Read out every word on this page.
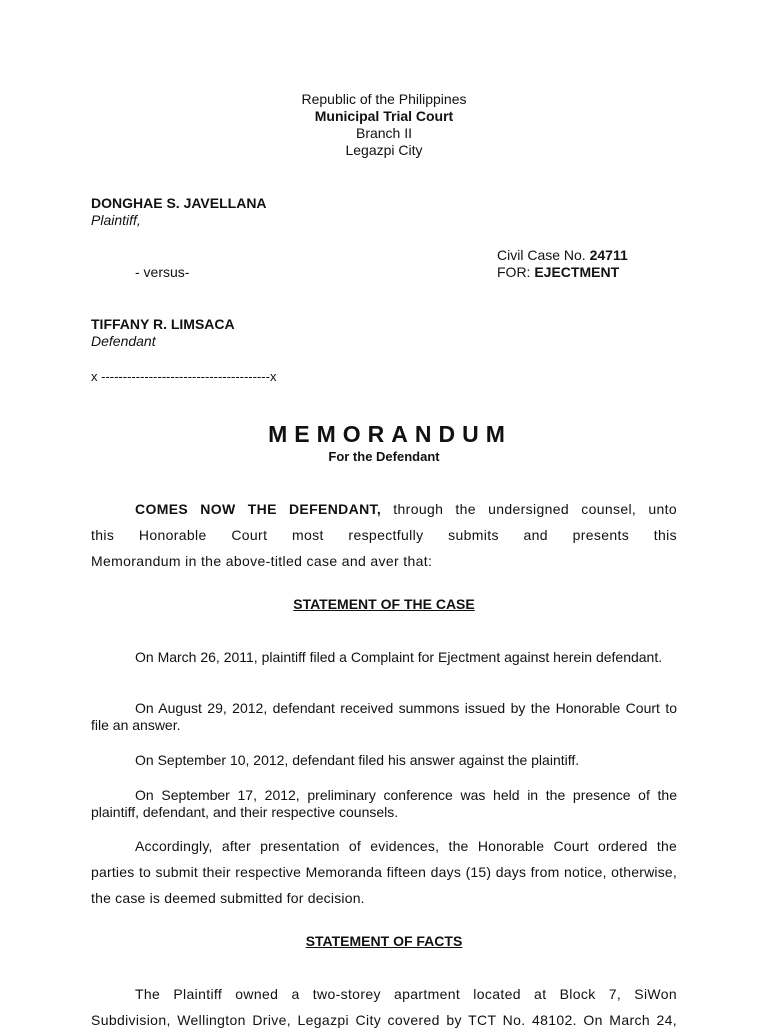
Republic of the Philippines
Municipal Trial Court
Branch II
Legazpi City
DONGHAE S. JAVELLANA
Plaintiff,
Civil Case No. 24711
- versus-	FOR: EJECTMENT
TIFFANY R. LIMSACA
Defendant
x ---------------------------------------x
MEMORANDUM
For the Defendant
COMES NOW THE DEFENDANT, through the undersigned counsel, unto
this Honorable Court most respectfully submits and presents this
Memorandum in the above-titled case and aver that:
STATEMENT OF THE CASE
On March 26, 2011, plaintiff filed a Complaint for Ejectment against herein defendant.
On August 29, 2012, defendant received summons issued by the Honorable Court to file an answer.
On September 10, 2012, defendant filed his answer against the plaintiff.
On September 17, 2012, preliminary conference was held in the presence of the plaintiff, defendant, and their respective counsels.
Accordingly, after presentation of evidences, the Honorable Court ordered the parties to submit their respective Memoranda fifteen days (15) days from notice, otherwise, the case is deemed submitted for decision.
STATEMENT OF FACTS
The Plaintiff owned a two-storey apartment located at Block 7, SiWon
Subdivision, Wellington Drive, Legazpi City covered by TCT No. 48102. On March 24,
